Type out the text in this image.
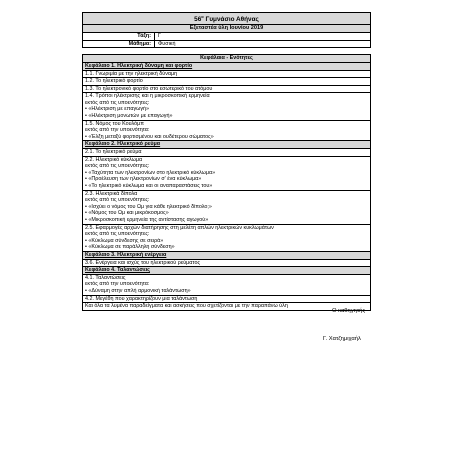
$56^o$ Γυμνάσιο Αθήνας
Εξεταστέα ύλη Ιουνίου 2019
Τάξη:	Γ
Μάθημα:	Φυσική
Κεφάλαια - Ενότητες
Κεφάλαιο 1. Ηλεκτρική δύναμη και φορτίο
1.1. Γνωριμία με την ηλεκτρική δύναμη
1.2. Το ηλεκτρικό φορτίο
1.3. Το ηλεκτρονικό φορτίο στο εσωτερικό του ατόμου
1.4. Τρόποι ηλέκτρισης και η μικροσκοπική ερμηνεία
εκτός από τις υποενότητες:
• «Ηλέκτριση με επαγωγή»
• «Ηλέκτριση μονωτών με επαγωγή»
1.5. Νόμος του Κουλόμπ
εκτός από την υποενότητα:
• «Έλξη μεταξύ φορτισμένου και ουδέτερου σώματος»
Κεφάλαιο 2. Ηλεκτρικό ρεύμα
2.1. Το ηλεκτρικό ρεύμα
2.2. Ηλεκτρικό κύκλωμα
εκτός από τις υποενότητες:
• «Ταχύτητα των ηλεκτρονίων στο ηλεκτρικό κύκλωμα»
• «Προέλευση των ηλεκτρονίων σ' ένα κύκλωμα»
• «Το ηλεκτρικό κύκλωμα και οι αναπαραστάσεις του»
2.3. Ηλεκτρικά δίπολα
εκτός από τις υποενότητες:
• «Ισχύει ο νόμος του Ωμ για κάθε ηλεκτρικό δίπολο;»
• «Νόμος του Ωμ και μικρόκοσμος»
• «Μικροσκοπική ερμηνεία της αντίστασης αγωγού»
2.5. Εφαρμογές αρχών διατήρησης στη μελέτη απλών ηλεκτρικών κυκλωμάτων
εκτός από τις υποενότητες:
• «Κύκλωμα σύνδεσης σε σειρά»
• «Κύκλωμα σε παράλληλη σύνδεση»
Κεφάλαιο 3. Ηλεκτρική ενέργεια
3.6. Ενέργεια και ισχύς του ηλεκτρικού ρεύματος
Κεφάλαιο 4. Ταλαντώσεις
4.1. Ταλαντώσεις
εκτός από την υποενότητα:
• «Δύναμη στην απλή αρμονική ταλάντωση»
4.2. Μεγέθη που χαρακτηρίζουν μια ταλάντωση
Και όλα τα λυμένα παραδείγματα και ασκήσεις που σχετίζονται με την παραπάνω ύλη
Ο καθηγητής
Γ. Χατζημιχαήλ
